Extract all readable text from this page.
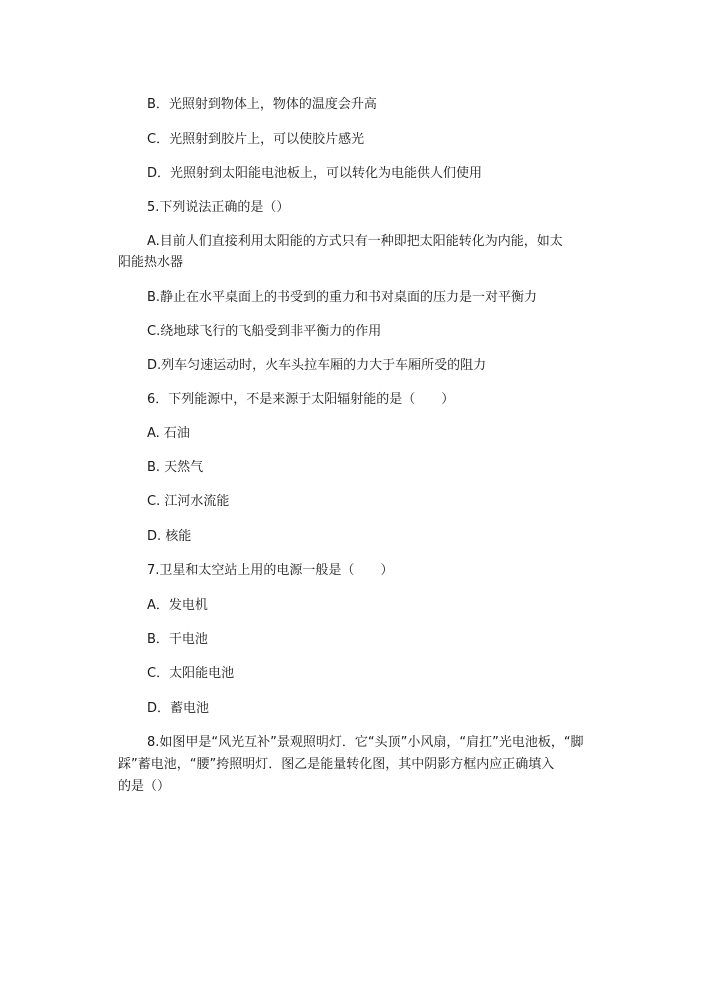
B．光照射到物体上，物体的温度会升高
C．光照射到胶片上，可以使胶片感光
D．光照射到太阳能电池板上，可以转化为电能供人们使用
5.下列说法正确的是（）
A.目前人们直接利用太阳能的方式只有一种即把太阳能转化为内能，如太
阳能热水器
B.静止在水平桌面上的书受到的重力和书对桌面的压力是一对平衡力
C.绕地球飞行的飞船受到非平衡力的作用
D.列车匀速运动时，火车头拉车厢的力大于车厢所受的阻力
6．下列能源中，不是来源于太阳辐射能的是（　　）
A. 石油
B. 天然气
C. 江河水流能
D. 核能
7.卫星和太空站上用的电源一般是（　　）
A．发电机
B．干电池
C．太阳能电池
D．蓄电池
8.如图甲是“风光互补”景观照明灯．它“头顶”小风扇，“肩扛”光电池板，“脚
踩”蓄电池，“腰”挎照明灯．图乙是能量转化图，其中阴影方框内应正确填入
的是（）
